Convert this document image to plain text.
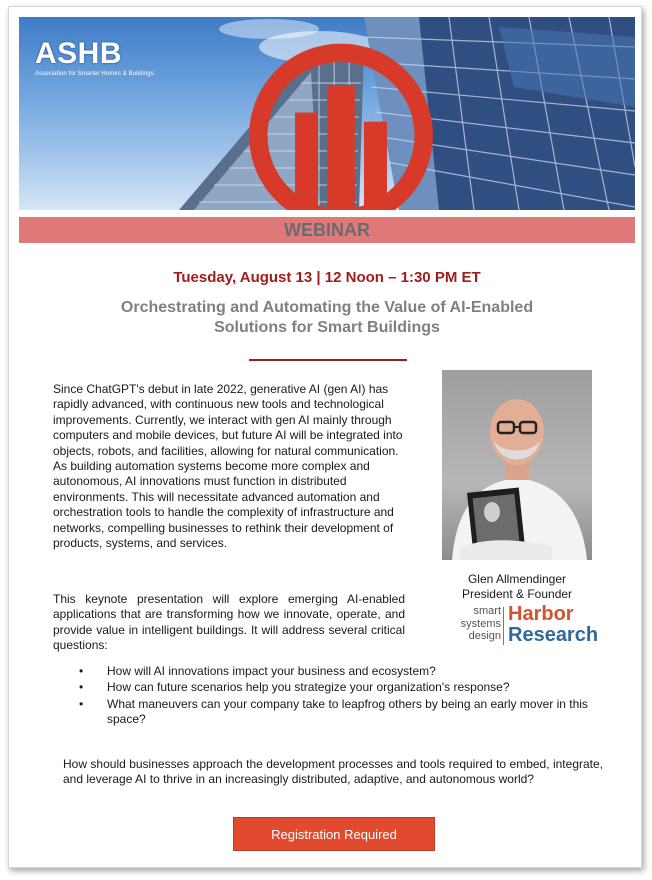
ASHB
Association for Smarter Homes & Buildings
WEBINAR
Tuesday, August 13 | 12 Noon – 1:30 PM ET
Orchestrating and Automating the Value of AI-Enabled
Solutions for Smart Buildings
Since ChatGPT's debut in late 2022, generative AI (gen AI) has rapidly advanced, with continuous new tools and technological improvements. Currently, we interact with gen AI mainly through computers and mobile devices, but future AI will be integrated into objects, robots, and facilities, allowing for natural communication. As building automation systems become more complex and autonomous, AI innovations must function in distributed environments. This will necessitate advanced automation and orchestration tools to handle the complexity of infrastructure and networks, compelling businesses to rethink their development of products, systems, and services.
Glen Allmendinger
President & Founder
smart
systems
design
Harbor
Research
This keynote presentation will explore emerging AI-enabled applications that are transforming how we innovate, operate, and provide value in intelligent buildings. It will address several critical questions:
• How will AI innovations impact your business and ecosystem?
• How can future scenarios help you strategize your organization's response?
• What maneuvers can your company take to leapfrog others by being an early mover in this space?
How should businesses approach the development processes and tools required to embed, integrate, and leverage AI to thrive in an increasingly distributed, adaptive, and autonomous world?
Registration Required
